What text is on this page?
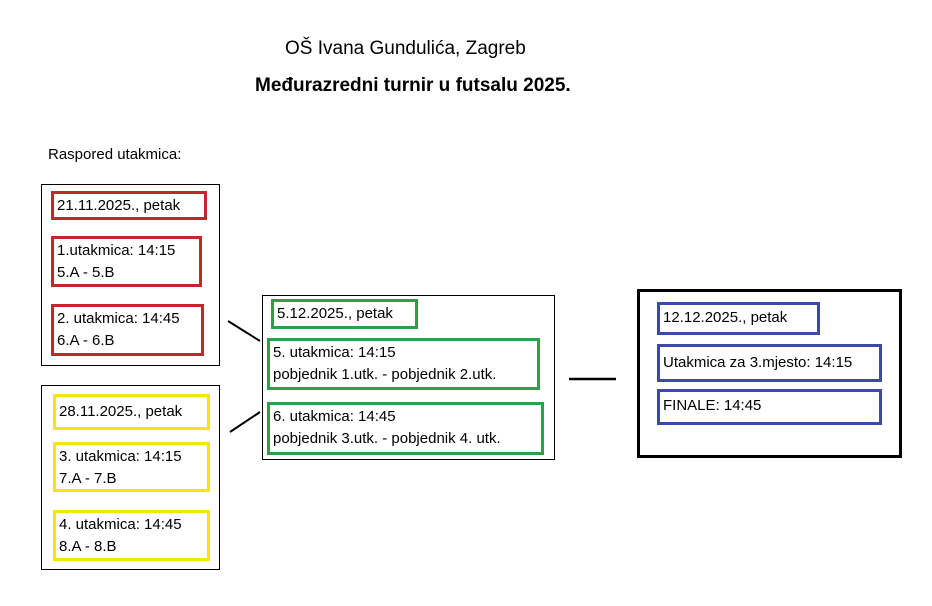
OŠ Ivana Gundulića, Zagreb
Međurazredni turnir u futsalu 2025.
Raspored utakmica:
21.11.2025., petak
1.utakmica: 14:15
5.A - 5.B
2. utakmica: 14:45
6.A - 6.B
28.11.2025., petak
3. utakmica: 14:15
7.A - 7.B
4. utakmica: 14:45
8.A - 8.B
5.12.2025., petak
5. utakmica: 14:15
pobjednik 1.utk. - pobjednik 2.utk.
6. utakmica: 14:45
pobjednik 3.utk. - pobjednik 4. utk.
12.12.2025., petak
Utakmica za 3.mjesto: 14:15
FINALE: 14:45
